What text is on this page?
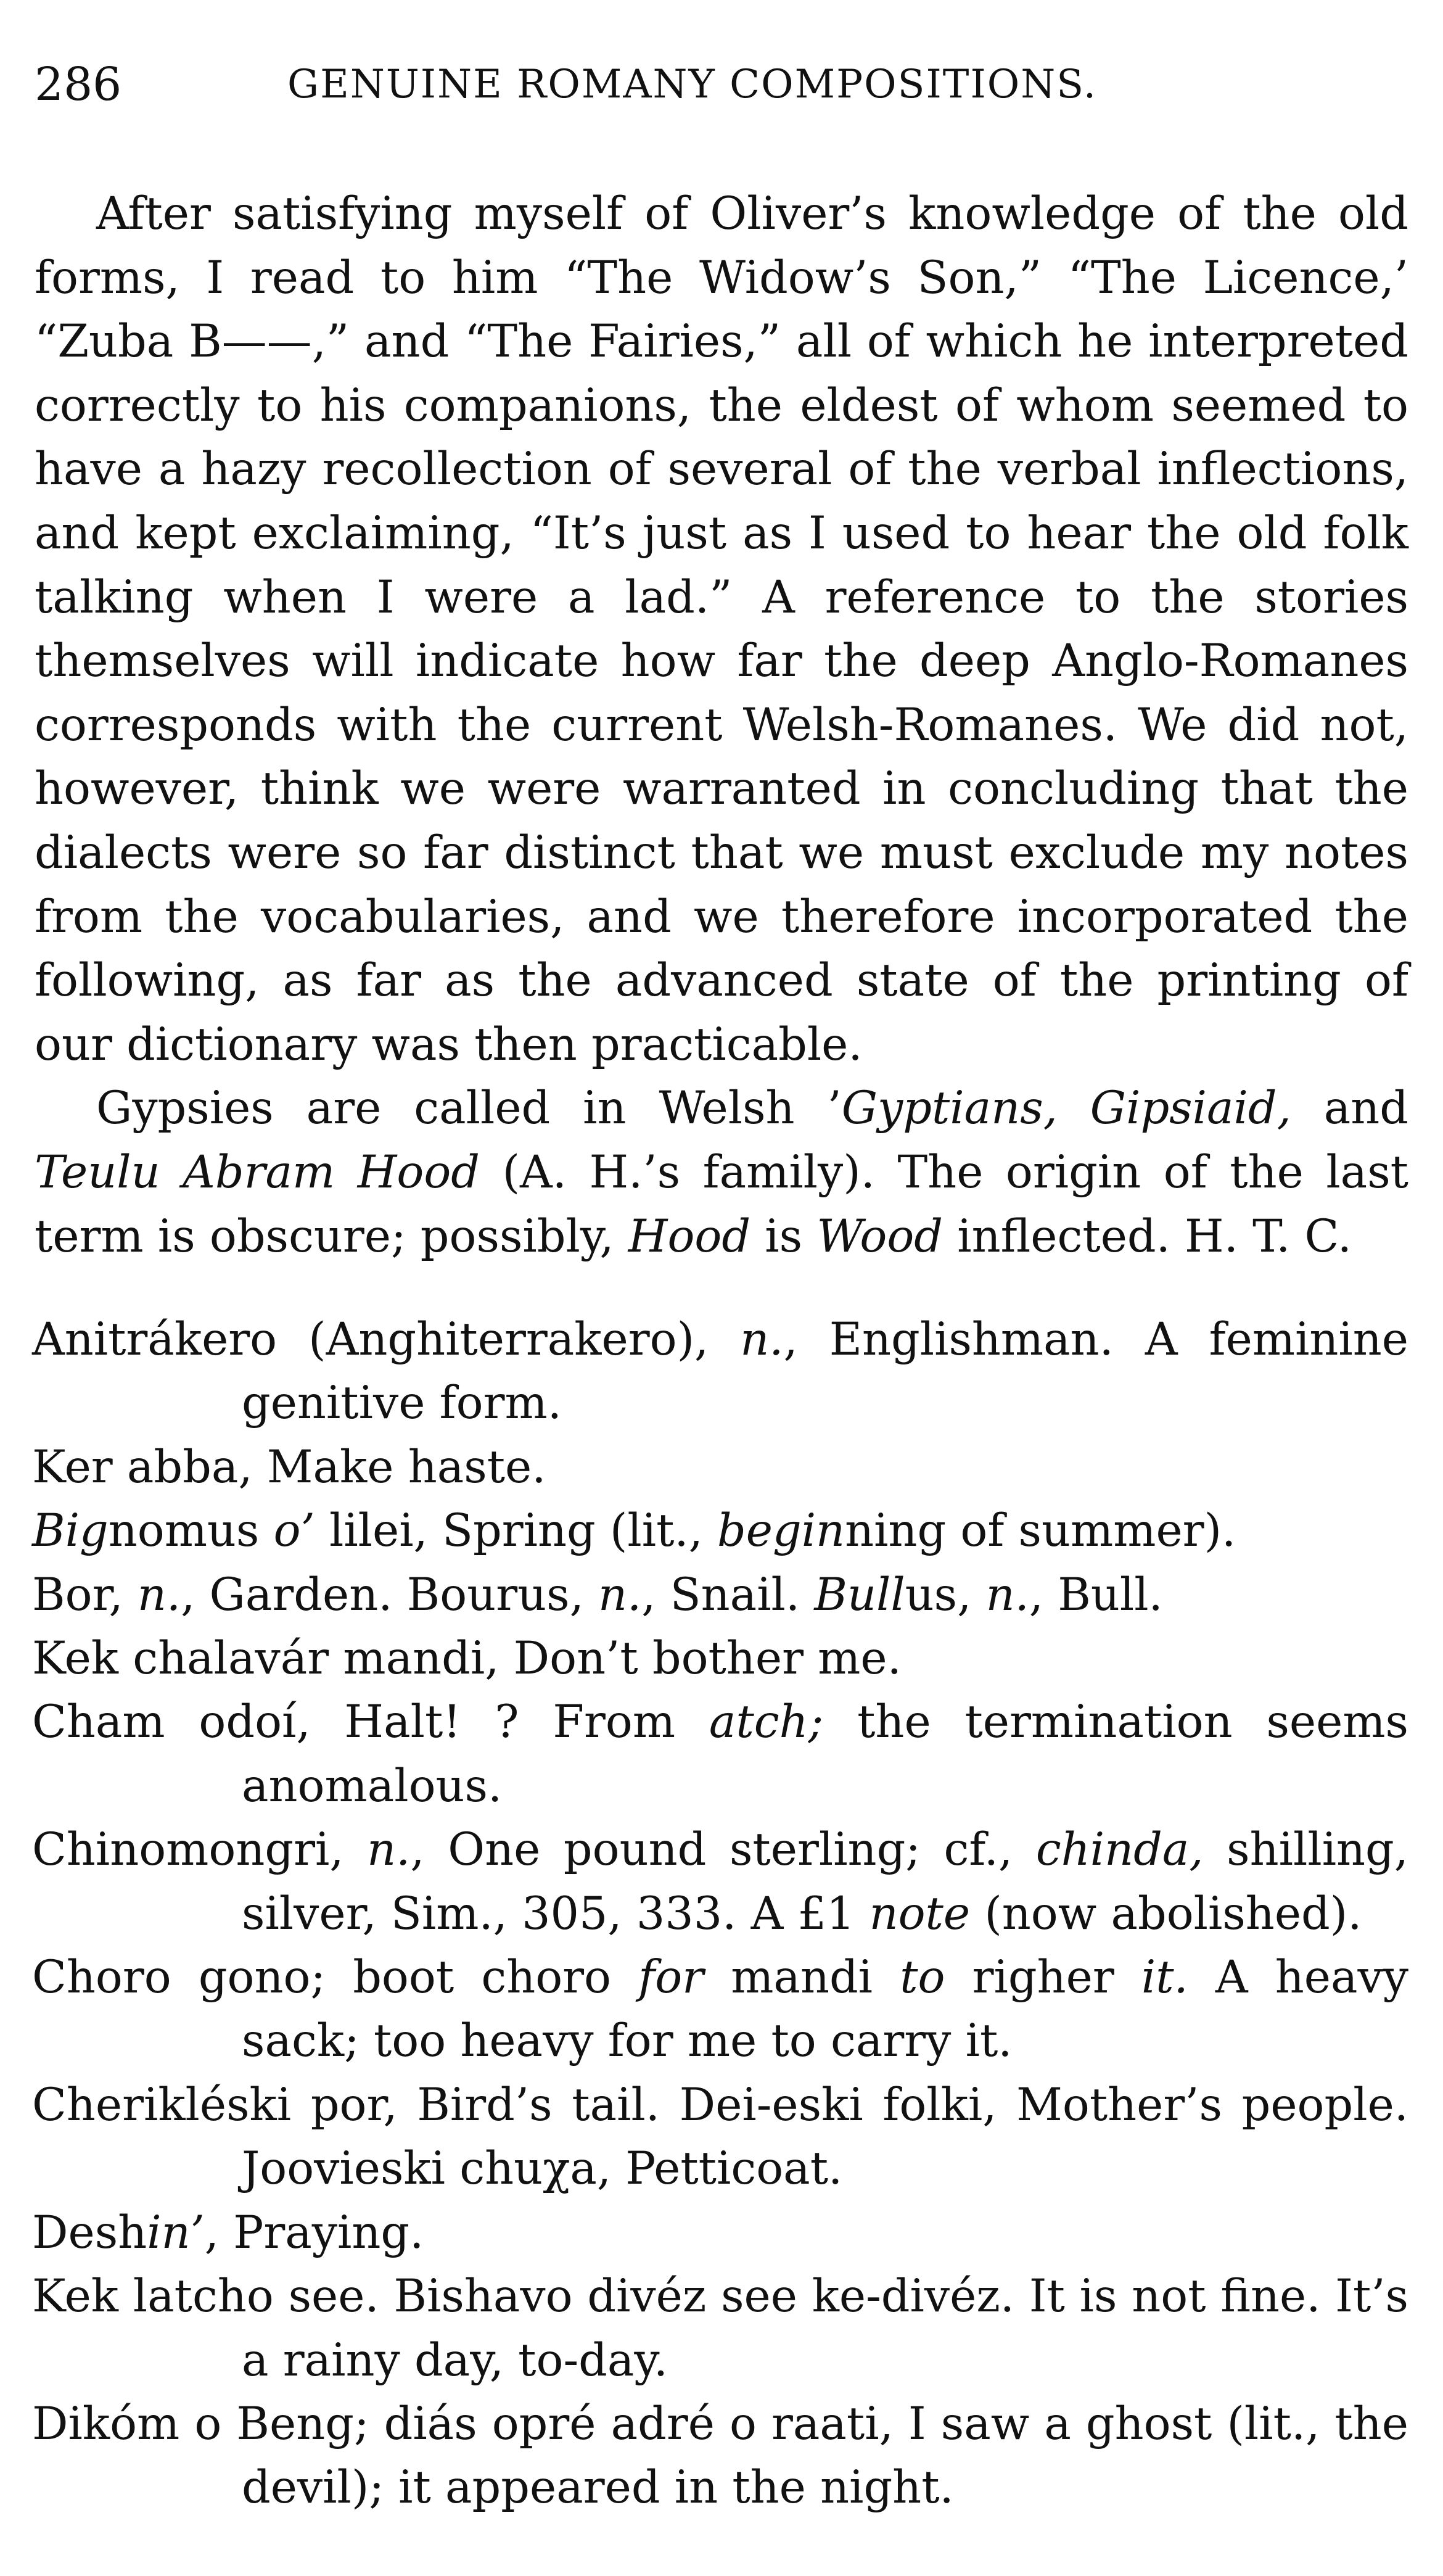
286	GENUINE ROMANY COMPOSITIONS.

After satisfying myself of Oliver’s knowledge of the old forms, I read to him “The Widow’s Son,” “The Licence,’ “Zuba B——,” and “The Fairies,” all of which he interpreted correctly to his companions, the eldest of whom seemed to have a hazy recollection of several of the verbal inflections, and kept exclaiming, “It’s just as I used to hear the old folk talking when I were a lad.” A reference to the stories themselves will indicate how far the deep Anglo-Romanes corresponds with the current Welsh-Romanes. We did not, however, think we were warranted in concluding that the dialects were so far distinct that we must exclude my notes from the vocabularies, and we therefore incorporated the following, as far as the advanced state of the printing of our dictionary was then practicable.

Gypsies are called in Welsh ’Gyptians, Gipsiaid, and Teulu Abram Hood (A. H.’s family). The origin of the last term is obscure; possibly, Hood is Wood inflected. H. T. C.

Anitrákero (Anghiterrakero), n., Englishman. A feminine genitive form.

Ker abba, Make haste.

Bignomus o’ lilei, Spring (lit., beginning of summer).

Bor, n., Garden. Bourus, n., Snail. Bullus, n., Bull.

Kek chalavár mandi, Don’t bother me.

Cham odoí, Halt! ? From atch; the termination seems anomalous.

Chinomongri, n., One pound sterling; cf., chinda, shilling, silver, Sim., 305, 333. A £1 note (now abolished).

Choro gono; boot choro for mandi to righer it. A heavy sack; too heavy for me to carry it.

Cherikléski por, Bird’s tail. Dei-eski folki, Mother’s people. Joovieski chuχa, Petticoat.

Deshin’, Praying.

Kek latcho see. Bishavo divéz see ke-divéz. It is not fine. It’s a rainy day, to-day.

Dikóm o Beng; diás opré adré o raati, I saw a ghost (lit., the devil); it appeared in the night.
